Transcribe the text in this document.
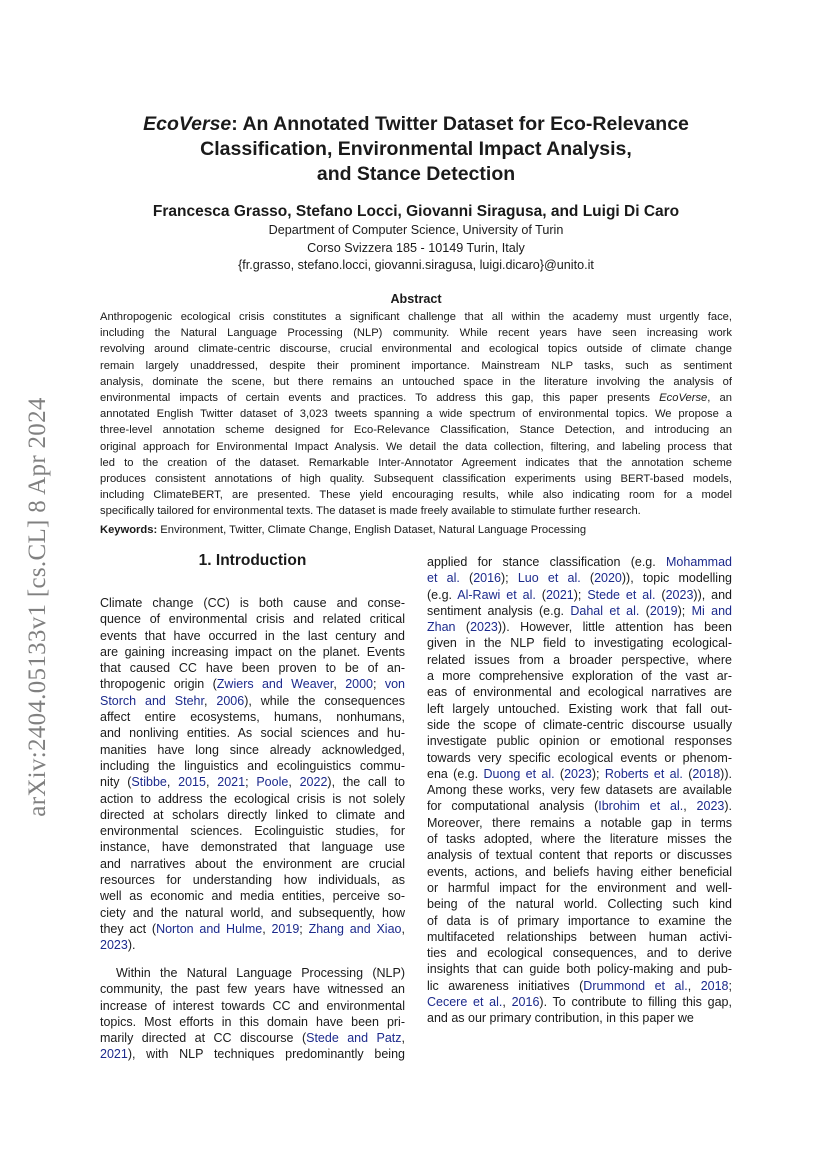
arXiv:2404.05133v1 [cs.CL] 8 Apr 2024
EcoVerse: An Annotated Twitter Dataset for Eco-Relevance
Classification, Environmental Impact Analysis,
and Stance Detection

Francesca Grasso, Stefano Locci, Giovanni Siragusa, and Luigi Di Caro

Department of Computer Science, University of Turin
Corso Svizzera 185 - 10149 Turin, Italy
{fr.grasso, stefano.locci, giovanni.siragusa, luigi.dicaro}@unito.it
Abstract
Anthropogenic ecological crisis constitutes a significant challenge that all within the academy must urgently face,
including the Natural Language Processing (NLP) community. While recent years have seen increasing work
revolving around climate-centric discourse, crucial environmental and ecological topics outside of climate change
remain largely unaddressed, despite their prominent importance. Mainstream NLP tasks, such as sentiment
analysis, dominate the scene, but there remains an untouched space in the literature involving the analysis of
environmental impacts of certain events and practices. To address this gap, this paper presents EcoVerse, an
annotated English Twitter dataset of 3,023 tweets spanning a wide spectrum of environmental topics. We propose a
three-level annotation scheme designed for Eco-Relevance Classification, Stance Detection, and introducing an
original approach for Environmental Impact Analysis. We detail the data collection, filtering, and labeling process that
led to the creation of the dataset. Remarkable Inter-Annotator Agreement indicates that the annotation scheme
produces consistent annotations of high quality. Subsequent classification experiments using BERT-based models,
including ClimateBERT, are presented. These yield encouraging results, while also indicating room for a model
specifically tailored for environmental texts. The dataset is made freely available to stimulate further research.

Keywords: Environment, Twitter, Climate Change, English Dataset, Natural Language Processing

1. Introduction
Climate change (CC) is both cause and conse-
quence of environmental crisis and related critical
events that have occurred in the last century and
are gaining increasing impact on the planet. Events
that caused CC have been proven to be of an-
thropogenic origin (Zwiers and Weaver, 2000; von
Storch and Stehr, 2006), while the consequences
affect entire ecosystems, humans, nonhumans,
and nonliving entities. As social sciences and hu-
manities have long since already acknowledged,
including the linguistics and ecolinguistics commu-
nity (Stibbe, 2015, 2021; Poole, 2022), the call to
action to address the ecological crisis is not solely
directed at scholars directly linked to climate and
environmental sciences. Ecolinguistic studies, for
instance, have demonstrated that language use
and narratives about the environment are crucial
resources for understanding how individuals, as
well as economic and media entities, perceive so-
ciety and the natural world, and subsequently, how
they act (Norton and Hulme, 2019; Zhang and Xiao,
2023).
Within the Natural Language Processing (NLP)
community, the past few years have witnessed an
increase of interest towards CC and environmental
topics. Most efforts in this domain have been pri-
marily directed at CC discourse (Stede and Patz,
2021), with NLP techniques predominantly being
applied for stance classification (e.g. Mohammad
et al. (2016); Luo et al. (2020)), topic modelling
(e.g. Al-Rawi et al. (2021); Stede et al. (2023)), and
sentiment analysis (e.g. Dahal et al. (2019); Mi and
Zhan (2023)). However, little attention has been
given in the NLP field to investigating ecological-
related issues from a broader perspective, where
a more comprehensive exploration of the vast ar-
eas of environmental and ecological narratives are
left largely untouched. Existing work that fall out-
side the scope of climate-centric discourse usually
investigate public opinion or emotional responses
towards very specific ecological events or phenom-
ena (e.g. Duong et al. (2023); Roberts et al. (2018)).
Among these works, very few datasets are available
for computational analysis (Ibrohim et al., 2023).
Moreover, there remains a notable gap in terms
of tasks adopted, where the literature misses the
analysis of textual content that reports or discusses
events, actions, and beliefs having either beneficial
or harmful impact for the environment and well-
being of the natural world. Collecting such kind
of data is of primary importance to examine the
multifaceted relationships between human activi-
ties and ecological consequences, and to derive
insights that can guide both policy-making and pub-
lic awareness initiatives (Drummond et al., 2018;
Cecere et al., 2016). To contribute to filling this gap,
and as our primary contribution, in this paper we
